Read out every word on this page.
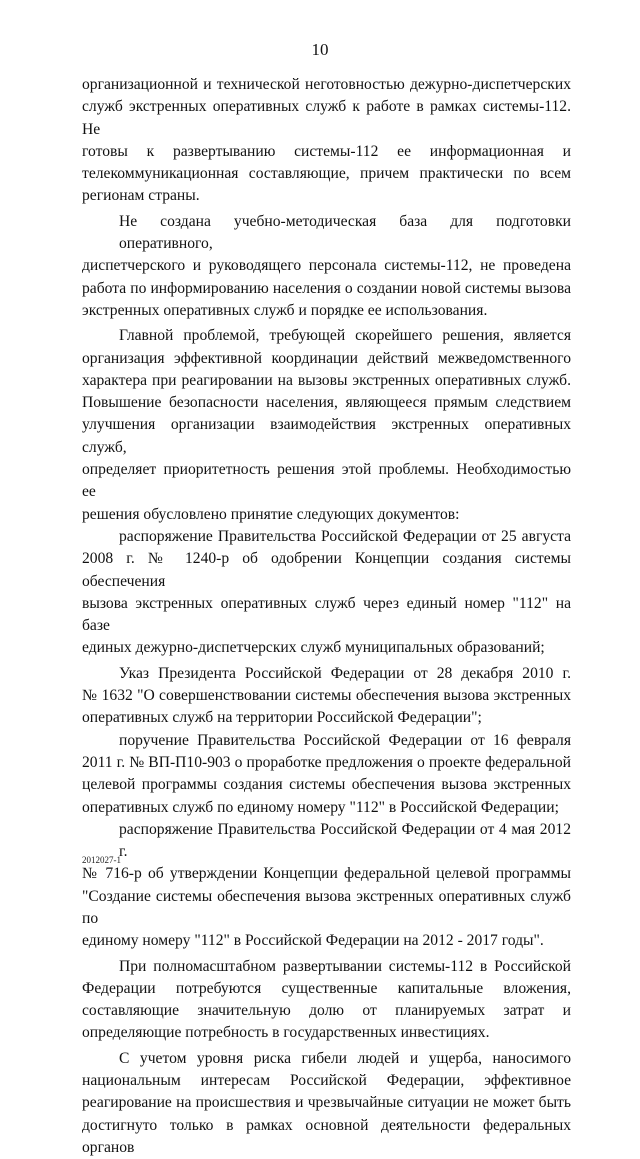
10
организационной и технической неготовностью дежурно-диспетчерских
служб экстренных оперативных служб к работе в рамках системы-112. Не
готовы к развертыванию системы-112 ее информационная и
телекоммуникационная составляющие, причем практически по всем
регионам страны.
Не создана учебно-методическая база для подготовки оперативного,
диспетчерского и руководящего персонала системы-112, не проведена
работа по информированию населения о создании новой системы вызова
экстренных оперативных служб и порядке ее использования.
Главной проблемой, требующей скорейшего решения, является
организация эффективной координации действий межведомственного
характера при реагировании на вызовы экстренных оперативных служб.
Повышение безопасности населения, являющееся прямым следствием
улучшения организации взаимодействия экстренных оперативных служб,
определяет приоритетность решения этой проблемы. Необходимостью ее
решения обусловлено принятие следующих документов:
распоряжение Правительства Российской Федерации от 25 августа
2008 г. № 1240-р об одобрении Концепции создания системы обеспечения
вызова экстренных оперативных служб через единый номер "112" на базе
единых дежурно-диспетчерских служб муниципальных образований;
Указ Президента Российской Федерации от 28 декабря 2010 г.
№ 1632 "О совершенствовании системы обеспечения вызова экстренных
оперативных служб на территории Российской Федерации";
поручение Правительства Российской Федерации от 16 февраля
2011 г. № ВП-П10-903 о проработке предложения о проекте федеральной
целевой программы создания системы обеспечения вызова экстренных
оперативных служб по единому номеру "112" в Российской Федерации;
распоряжение Правительства Российской Федерации от 4 мая 2012 г.
№ 716-р об утверждении Концепции федеральной целевой программы
"Создание системы обеспечения вызова экстренных оперативных служб по
единому номеру "112" в Российской Федерации на 2012 - 2017 годы".
При полномасштабном развертывании системы-112 в Российской
Федерации потребуются существенные капитальные вложения,
составляющие значительную долю от планируемых затрат и
определяющие потребность в государственных инвестициях.
С учетом уровня риска гибели людей и ущерба, наносимого
национальным интересам Российской Федерации, эффективное
реагирование на происшествия и чрезвычайные ситуации не может быть
достигнуто только в рамках основной деятельности федеральных органов
2012027-1
